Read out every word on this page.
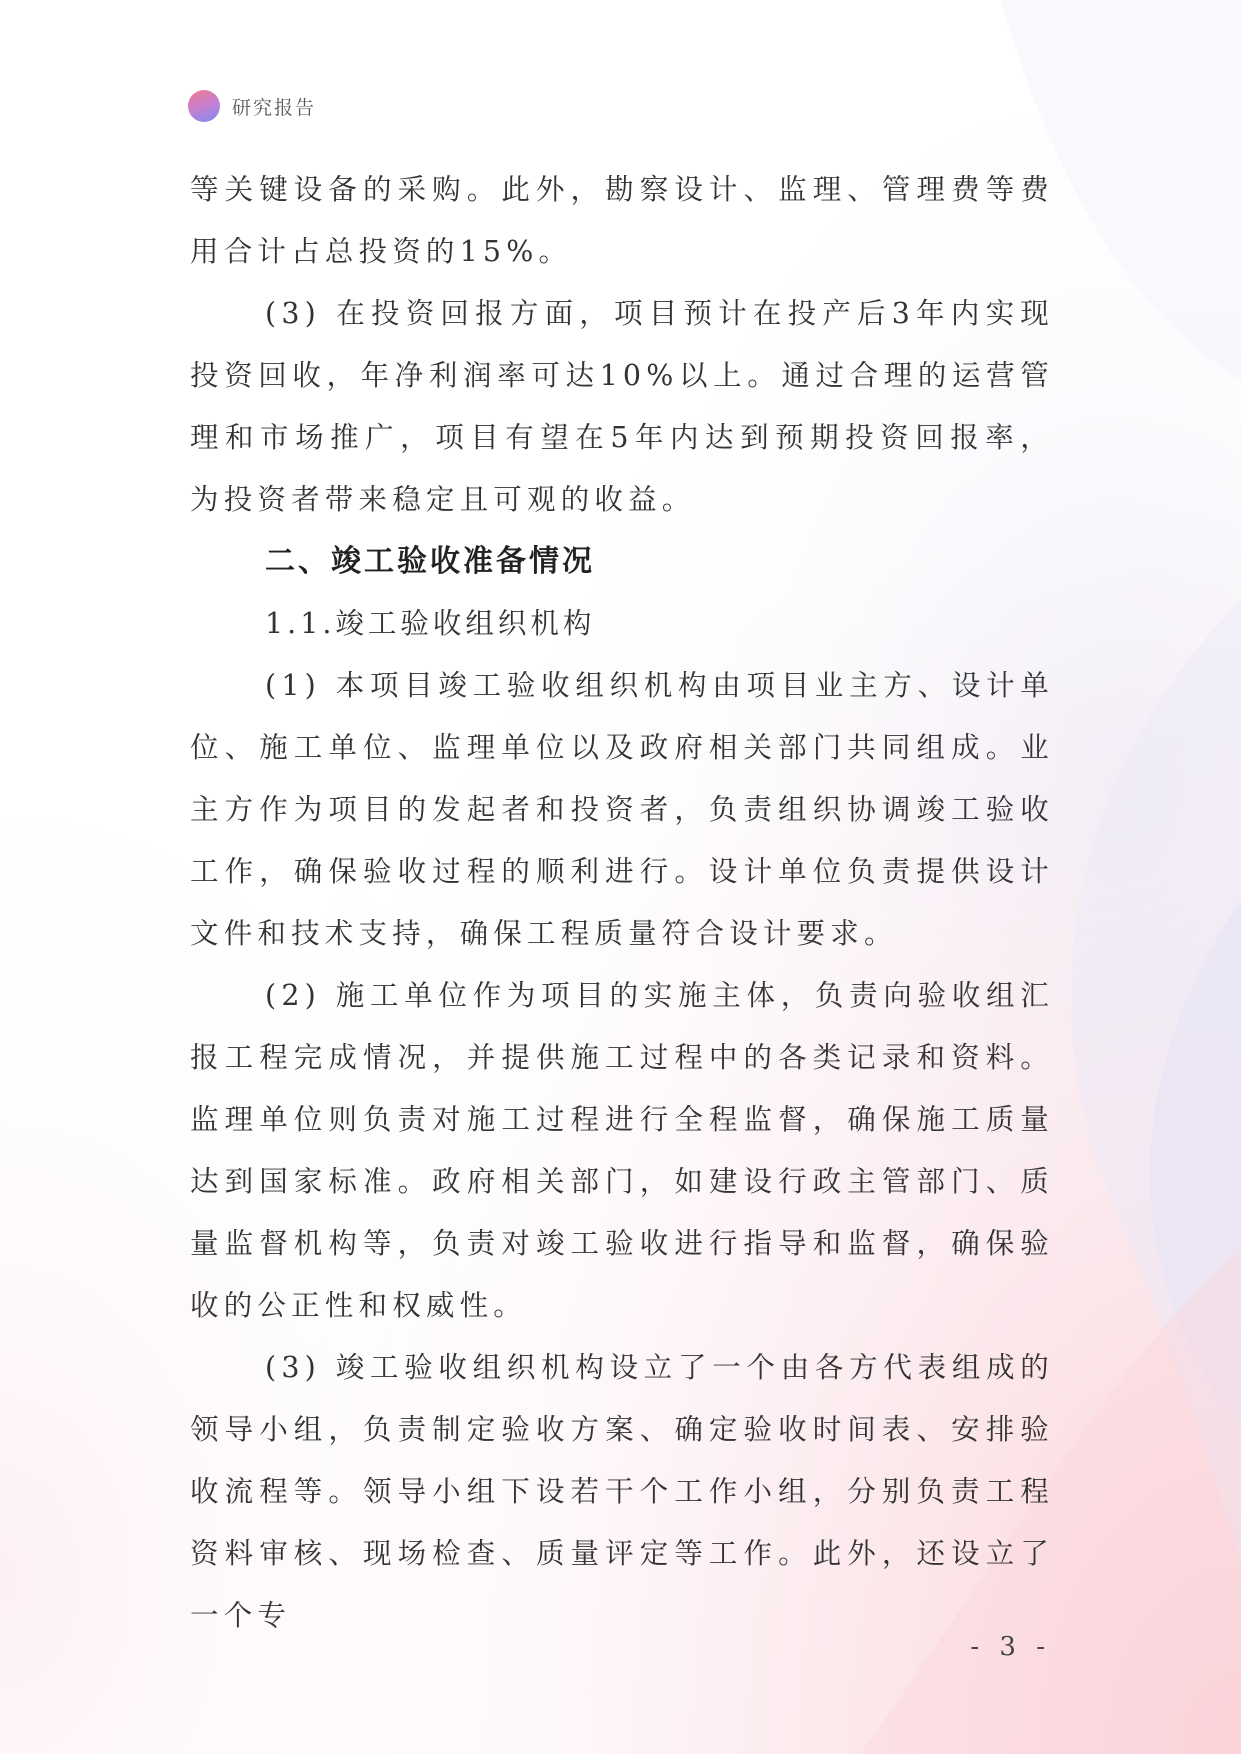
研究报告

等关键设备的采购。此外，勘察设计、监理、管理费等费用合计占总投资的15%。

(3) 在投资回报方面，项目预计在投产后3年内实现投资回收，年净利润率可达10%以上。通过合理的运营管理和市场推广，项目有望在5年内达到预期投资回报率，为投资者带来稳定且可观的收益。

二、竣工验收准备情况
1.1.竣工验收组织机构

(1) 本项目竣工验收组织机构由项目业主方、设计单位、施工单位、监理单位以及政府相关部门共同组成。业主方作为项目的发起者和投资者，负责组织协调竣工验收工作，确保验收过程的顺利进行。设计单位负责提供设计文件和技术支持，确保工程质量符合设计要求。

(2) 施工单位作为项目的实施主体，负责向验收组汇报工程完成情况，并提供施工过程中的各类记录和资料。监理单位则负责对施工过程进行全程监督，确保施工质量达到国家标准。政府相关部门，如建设行政主管部门、质量监督机构等，负责对竣工验收进行指导和监督，确保验收的公正性和权威性。

(3) 竣工验收组织机构设立了一个由各方代表组成的领导小组，负责制定验收方案、确定验收时间表、安排验收流程等。领导小组下设若干个工作小组，分别负责工程资料审核、现场检查、质量评定等工作。此外，还设立了一个专

- 3 -
